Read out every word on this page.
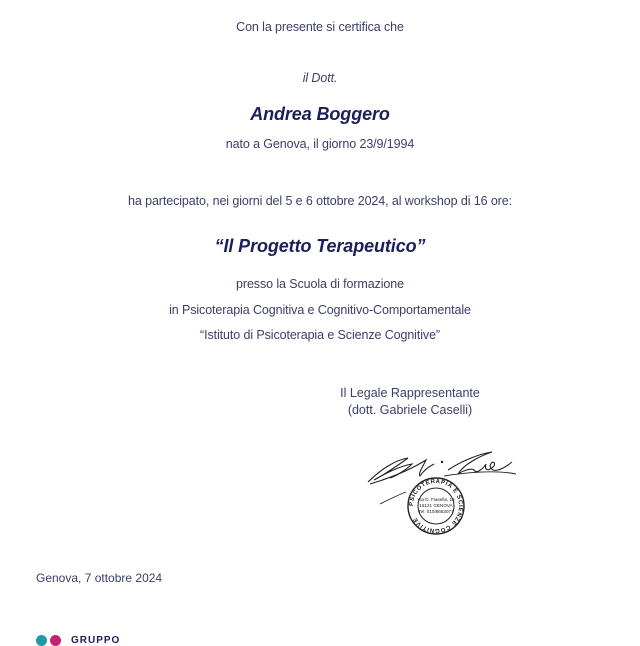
Con la presente si certifica che
il Dott.
Andrea Boggero
nato a Genova, il giorno 23/9/1994
ha partecipato, nei giorni del 5 e 6 ottobre 2024, al workshop di 16 ore:
“Il Progetto Terapeutico”
presso la Scuola di formazione
in Psicoterapia Cognitiva e Cognitivo-Comportamentale
“Istituto di Psicoterapia e Scienze Cognitive”
Il Legale Rappresentante
(dott. Gabriele Caselli)
PSICOTERAPIA E SCIENZE COGNITIVE
Via D. Fiasella, 16
16121 GENOVA
Tel. 010/8683077
Genova, 7 ottobre 2024
GRUPPO
